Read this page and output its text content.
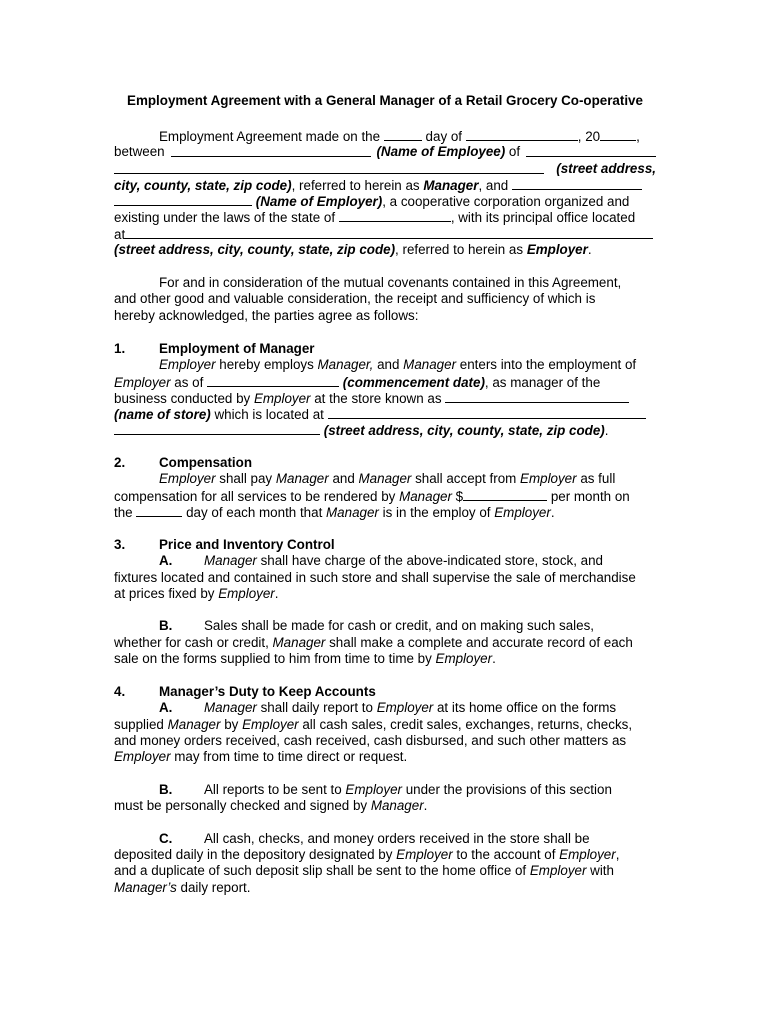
Employment Agreement with a General Manager of a Retail Grocery Co-operative
Employment Agreement made on the	day of	, 20	,
between	(Name of Employee) of
(street address,
city, county, state, zip code), referred to herein as Manager, and
(Name of Employer), a cooperative corporation organized and
existing under the laws of the state of	, with its principal office located
at
(street address, city, county, state, zip code), referred to herein as Employer.
For and in consideration of the mutual covenants contained in this Agreement,
and other good and valuable consideration, the receipt and sufficiency of which is
hereby acknowledged, the parties agree as follows:
1.	Employment of Manager
Employer hereby employs Manager, and Manager enters into the employment of
Employer as of	(commencement date), as manager of the
business conducted by Employer at the store known as
(name of store) which is located at
(street address, city, county, state, zip code).
2.	Compensation
Employer shall pay Manager and Manager shall accept from Employer as full
compensation for all services to be rendered by Manager $	per month on
the	day of each month that Manager is in the employ of Employer.
3.	Price and Inventory Control
A. Manager shall have charge of the above-indicated store, stock, and
fixtures located and contained in such store and shall supervise the sale of merchandise
at prices fixed by Employer.
B. Sales shall be made for cash or credit, and on making such sales,
whether for cash or credit, Manager shall make a complete and accurate record of each
sale on the forms supplied to him from time to time by Employer.
4.	Manager’s Duty to Keep Accounts
A. Manager shall daily report to Employer at its home office on the forms
supplied Manager by Employer all cash sales, credit sales, exchanges, returns, checks,
and money orders received, cash received, cash disbursed, and such other matters as
Employer may from time to time direct or request.
B. All reports to be sent to Employer under the provisions of this section
must be personally checked and signed by Manager.
C. All cash, checks, and money orders received in the store shall be
deposited daily in the depository designated by Employer to the account of Employer,
and a duplicate of such deposit slip shall be sent to the home office of Employer with
Manager’s daily report.
